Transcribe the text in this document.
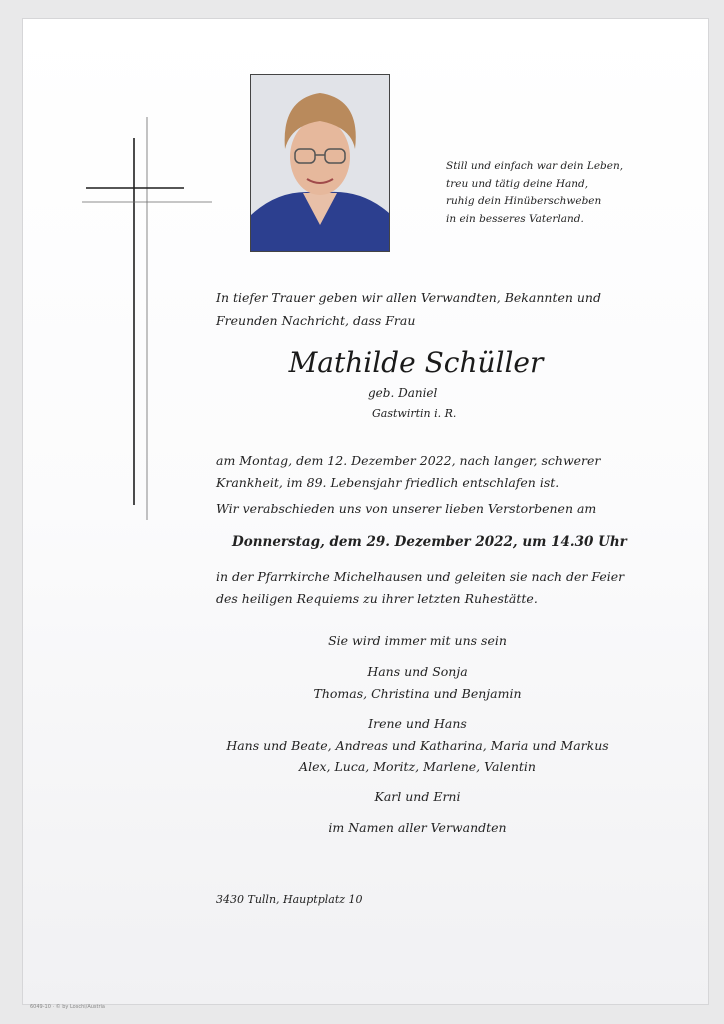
Still und einfach war dein Leben,
treu und tätig deine Hand,
ruhig dein Hinüberschweben
in ein besseres Vaterland.
In tiefer Trauer geben wir allen Verwandten, Bekannten und
Freunden Nachricht, dass Frau
Mathilde Schüller
geb. Daniel
Gastwirtin i. R.
am Montag, dem 12. Dezember 2022, nach langer, schwerer
Krankheit, im 89. Lebensjahr friedlich entschlafen ist.
Wir verabschieden uns von unserer lieben Verstorbenen am
Donnerstag, dem 29. Dezember 2022, um 14.30 Uhr
in der Pfarrkirche Michelhausen und geleiten sie nach der Feier
des heiligen Requiems zu ihrer letzten Ruhestätte.
Sie wird immer mit uns sein
Hans und Sonja
Thomas, Christina und Benjamin
Irene und Hans
Hans und Beate, Andreas und Katharina, Maria und Markus
Alex, Luca, Moritz, Marlene, Valentin
Karl und Erni
im Namen aller Verwandten
3430 Tulln, Hauptplatz 10
6049-10 · © by Loschi/Austria
